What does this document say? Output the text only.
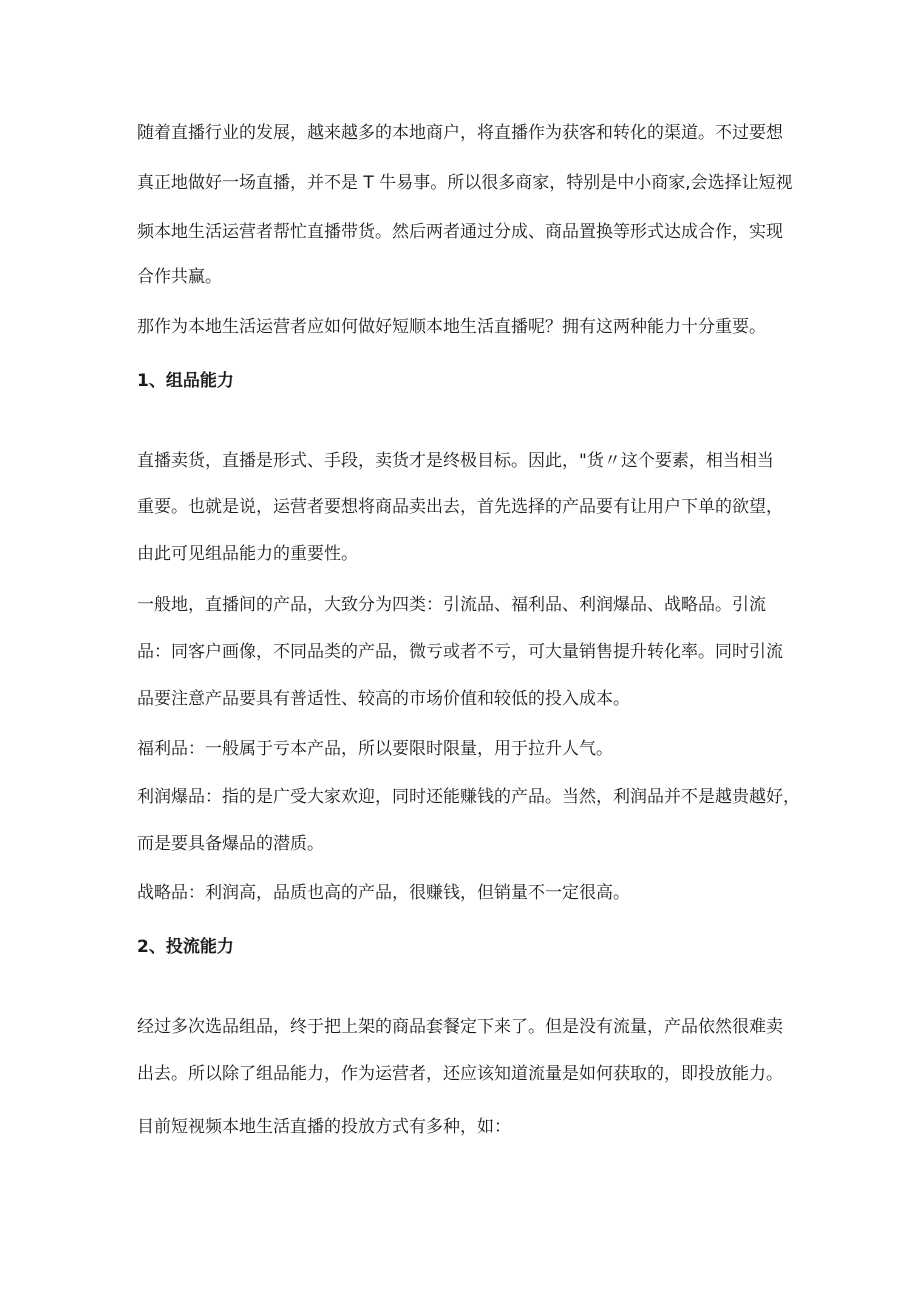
随着直播行业的发展，越来越多的本地商户，将直播作为获客和转化的渠道。不过要想
真正地做好一场直播，并不是 T 牛易事。所以很多商家，特别是中小商家,会选择让短视
频本地生活运营者帮忙直播带货。然后两者通过分成、商品置换等形式达成合作，实现
合作共赢。
那作为本地生活运营者应如何做好短顺本地生活直播呢？拥有这两种能力十分重要。
1、组品能力
直播卖货，直播是形式、手段，卖货才是终极目标。因此，"货〃这个要素，相当相当
重要。也就是说，运营者要想将商品卖出去，首先选择的产品要有让用户下单的欲望，
由此可见组品能力的重要性。
一般地，直播间的产品，大致分为四类：引流品、福利品、利润爆品、战略品。引流
品：同客户画像，不同品类的产品，微亏或者不亏，可大量销售提升转化率。同时引流
品要注意产品要具有普适性、较高的市场价值和较低的投入成本。
福利品：一般属于亏本产品，所以要限时限量，用于拉升人气。
利润爆品：指的是广受大家欢迎，同时还能赚钱的产品。当然，利润品并不是越贵越好，
而是要具备爆品的潜质。
战略品：利润高，品质也高的产品，很赚钱，但销量不一定很高。
2、投流能力
经过多次选品组品，终于把上架的商品套餐定下来了。但是没有流量，产品依然很难卖
出去。所以除了组品能力，作为运营者，还应该知道流量是如何获取的，即投放能力。
目前短视频本地生活直播的投放方式有多种，如：
